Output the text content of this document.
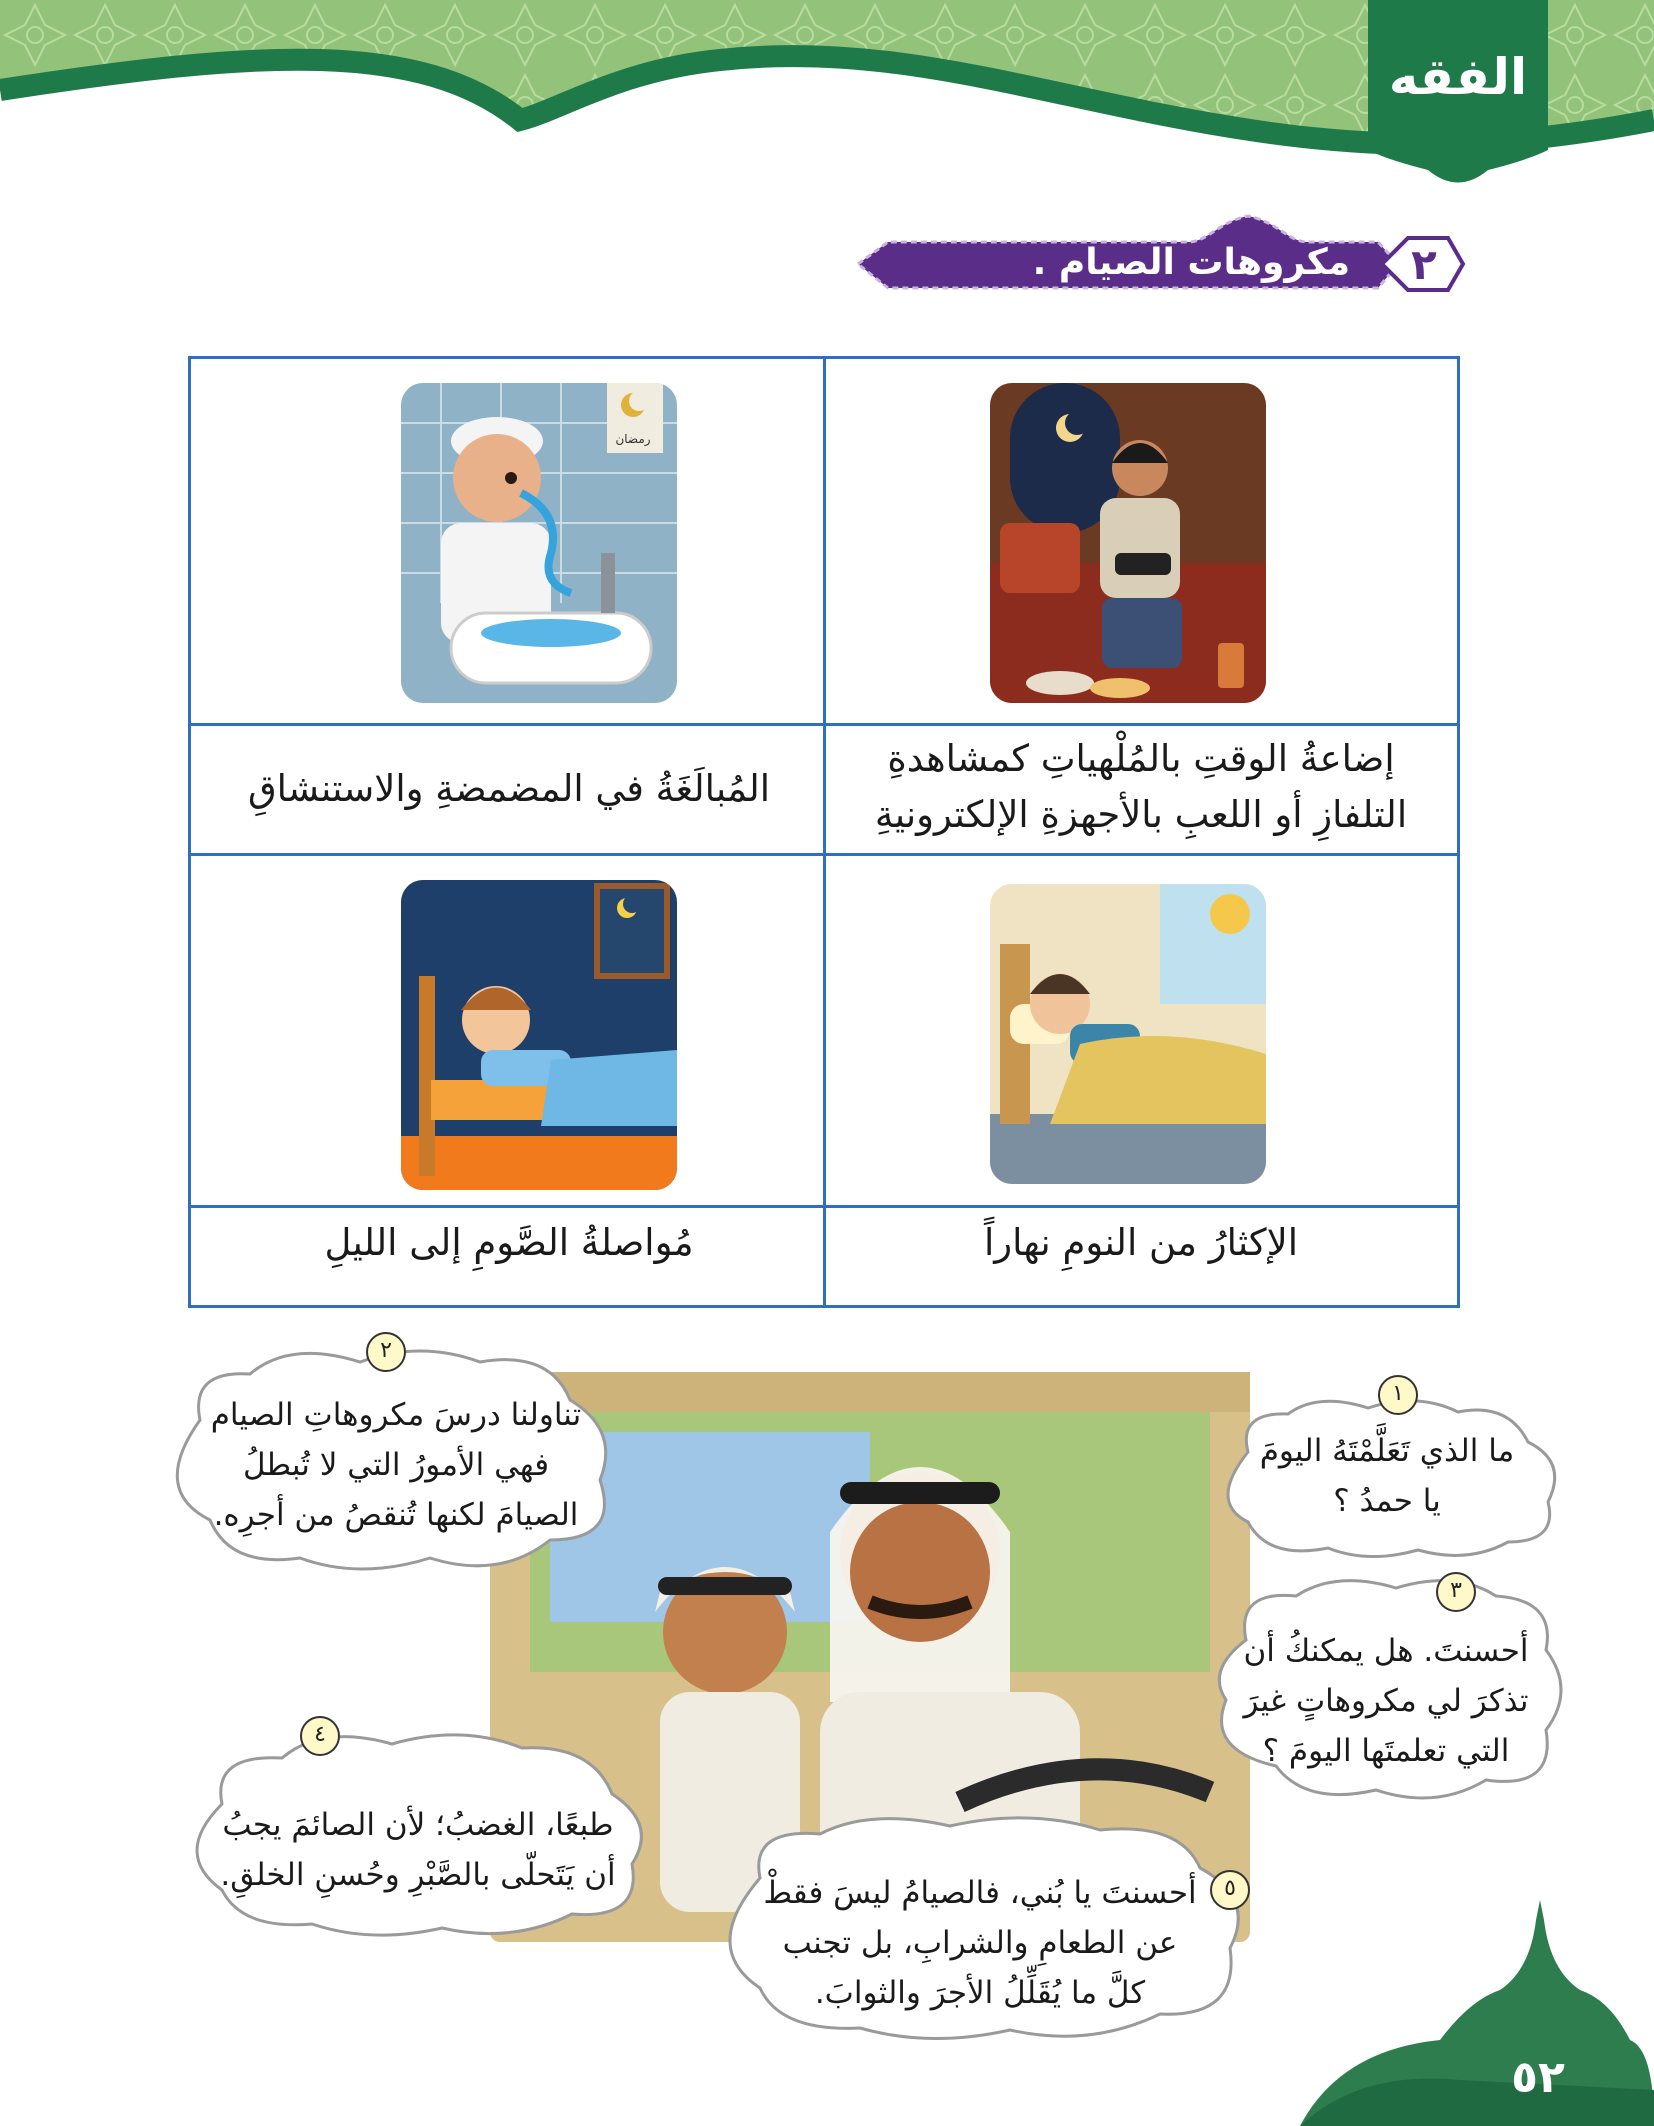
الفقه
٢
مكروهات الصيام .
رمضان
إضاعةُ الوقتِ بالمُلْهياتِ كمشاهدةِ التلفازِ أو اللعبِ بالأجهزةِ الإلكترونيةِ
المُبالَغَةُ في المضمضةِ والاستنشاقِ
الإكثارُ من النومِ نهاراً
مُواصلةُ الصَّومِ إلى الليلِ
١
ما الذي تَعَلَّمْتَهُ اليومَ يا حمدُ ؟
٢
تناولنا درسَ مكروهاتِ الصيام فهي الأمورُ التي لا تُبطلُ الصيامَ لكنها تُنقصُ من أجرِه.
٣
أحسنتَ. هل يمكنكُ أن تذكرَ لي مكروهاتٍ غيرَ التي تعلمتَها اليومَ ؟
٤
طبعًا، الغضبُ؛ لأن الصائمَ يجبُ أن يَتَحلّى بالصَّبْرِ وحُسنِ الخلقِ.	٥
أحسنتَ يا بُني، فالصيامُ ليسَ فقطْ عن الطعامِ والشرابِ، بل تجنب كلَّ ما يُقَلِّلُ الأجرَ والثوابَ.
٥٢
